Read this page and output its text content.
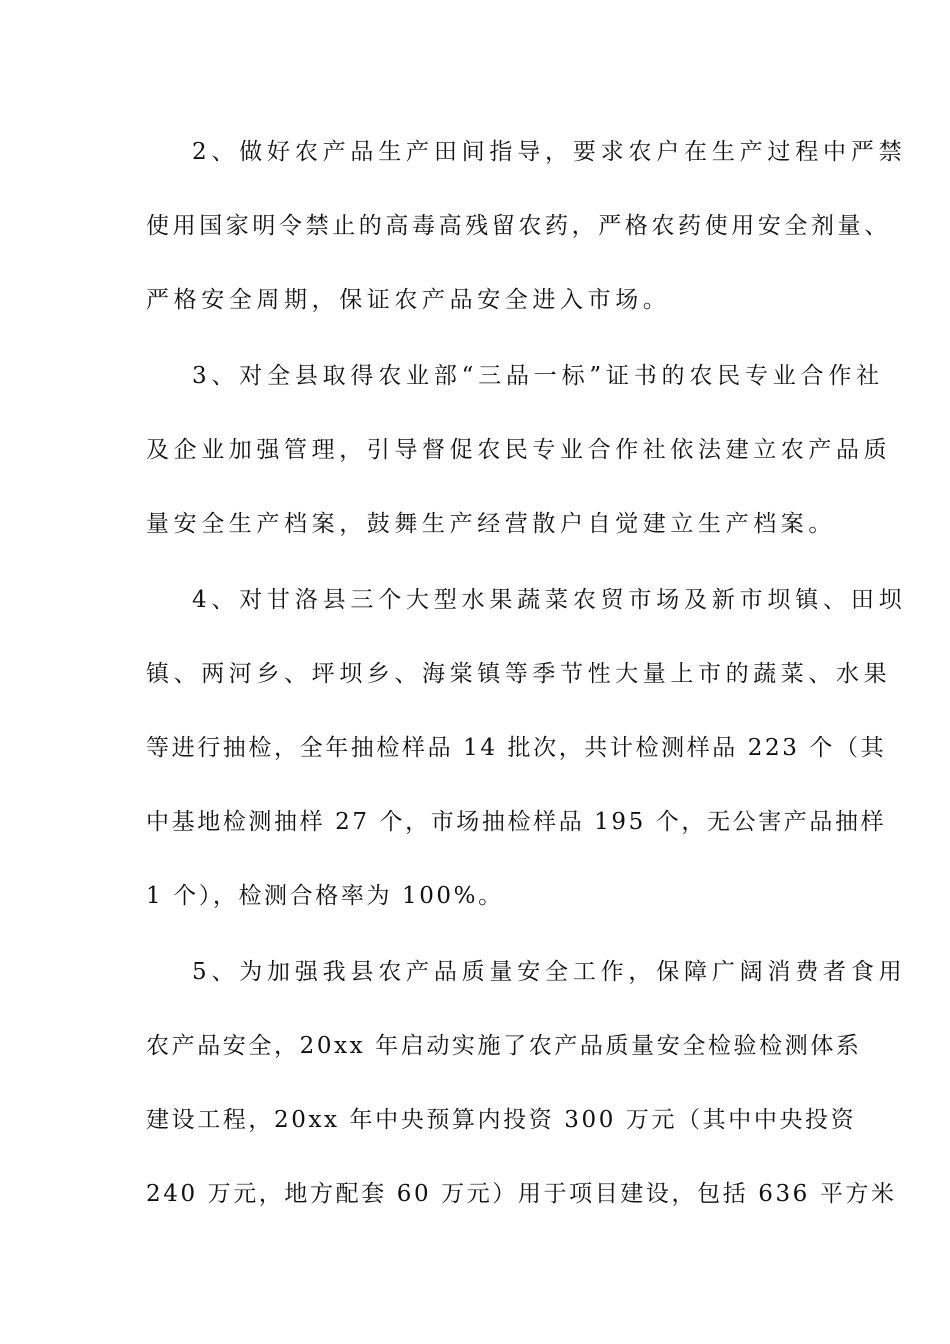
2、做好农产品生产田间指导，要求农户在生产过程中严禁
使用国家明令禁止的高毒高残留农药，严格农药使用安全剂量、
严格安全周期，保证农产品安全进入市场。
3、对全县取得农业部“三品一标”证书的农民专业合作社
及企业加强管理，引导督促农民专业合作社依法建立农产品质
量安全生产档案，鼓舞生产经营散户自觉建立生产档案。
4、对甘洛县三个大型水果蔬菜农贸市场及新市坝镇、田坝
镇、两河乡、坪坝乡、海棠镇等季节性大量上市的蔬菜、水果
等进行抽检，全年抽检样品 14 批次，共计检测样品 223 个（其
中基地检测抽样 27 个，市场抽检样品 195 个，无公害产品抽样
1 个），检测合格率为 100%。
5、为加强我县农产品质量安全工作，保障广阔消费者食用
农产品安全，20xx 年启动实施了农产品质量安全检验检测体系
建设工程，20xx 年中央预算内投资 300 万元（其中中央投资
240 万元，地方配套 60 万元）用于项目建设，包括 636 平方米
